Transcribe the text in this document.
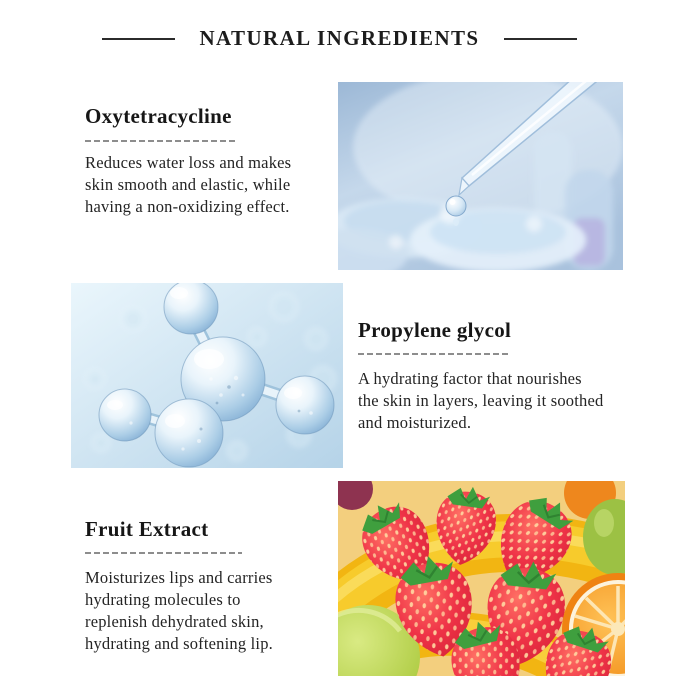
NATURAL INGREDIENTS
Oxytetracycline
Reduces water loss and makes
skin smooth and elastic, while
having a non-oxidizing effect.
Propylene glycol
A hydrating factor that nourishes
the skin in layers, leaving it soothed
and moisturized.
Fruit Extract
Moisturizes lips and carries
hydrating molecules to
replenish dehydrated skin,
hydrating and softening lip.
